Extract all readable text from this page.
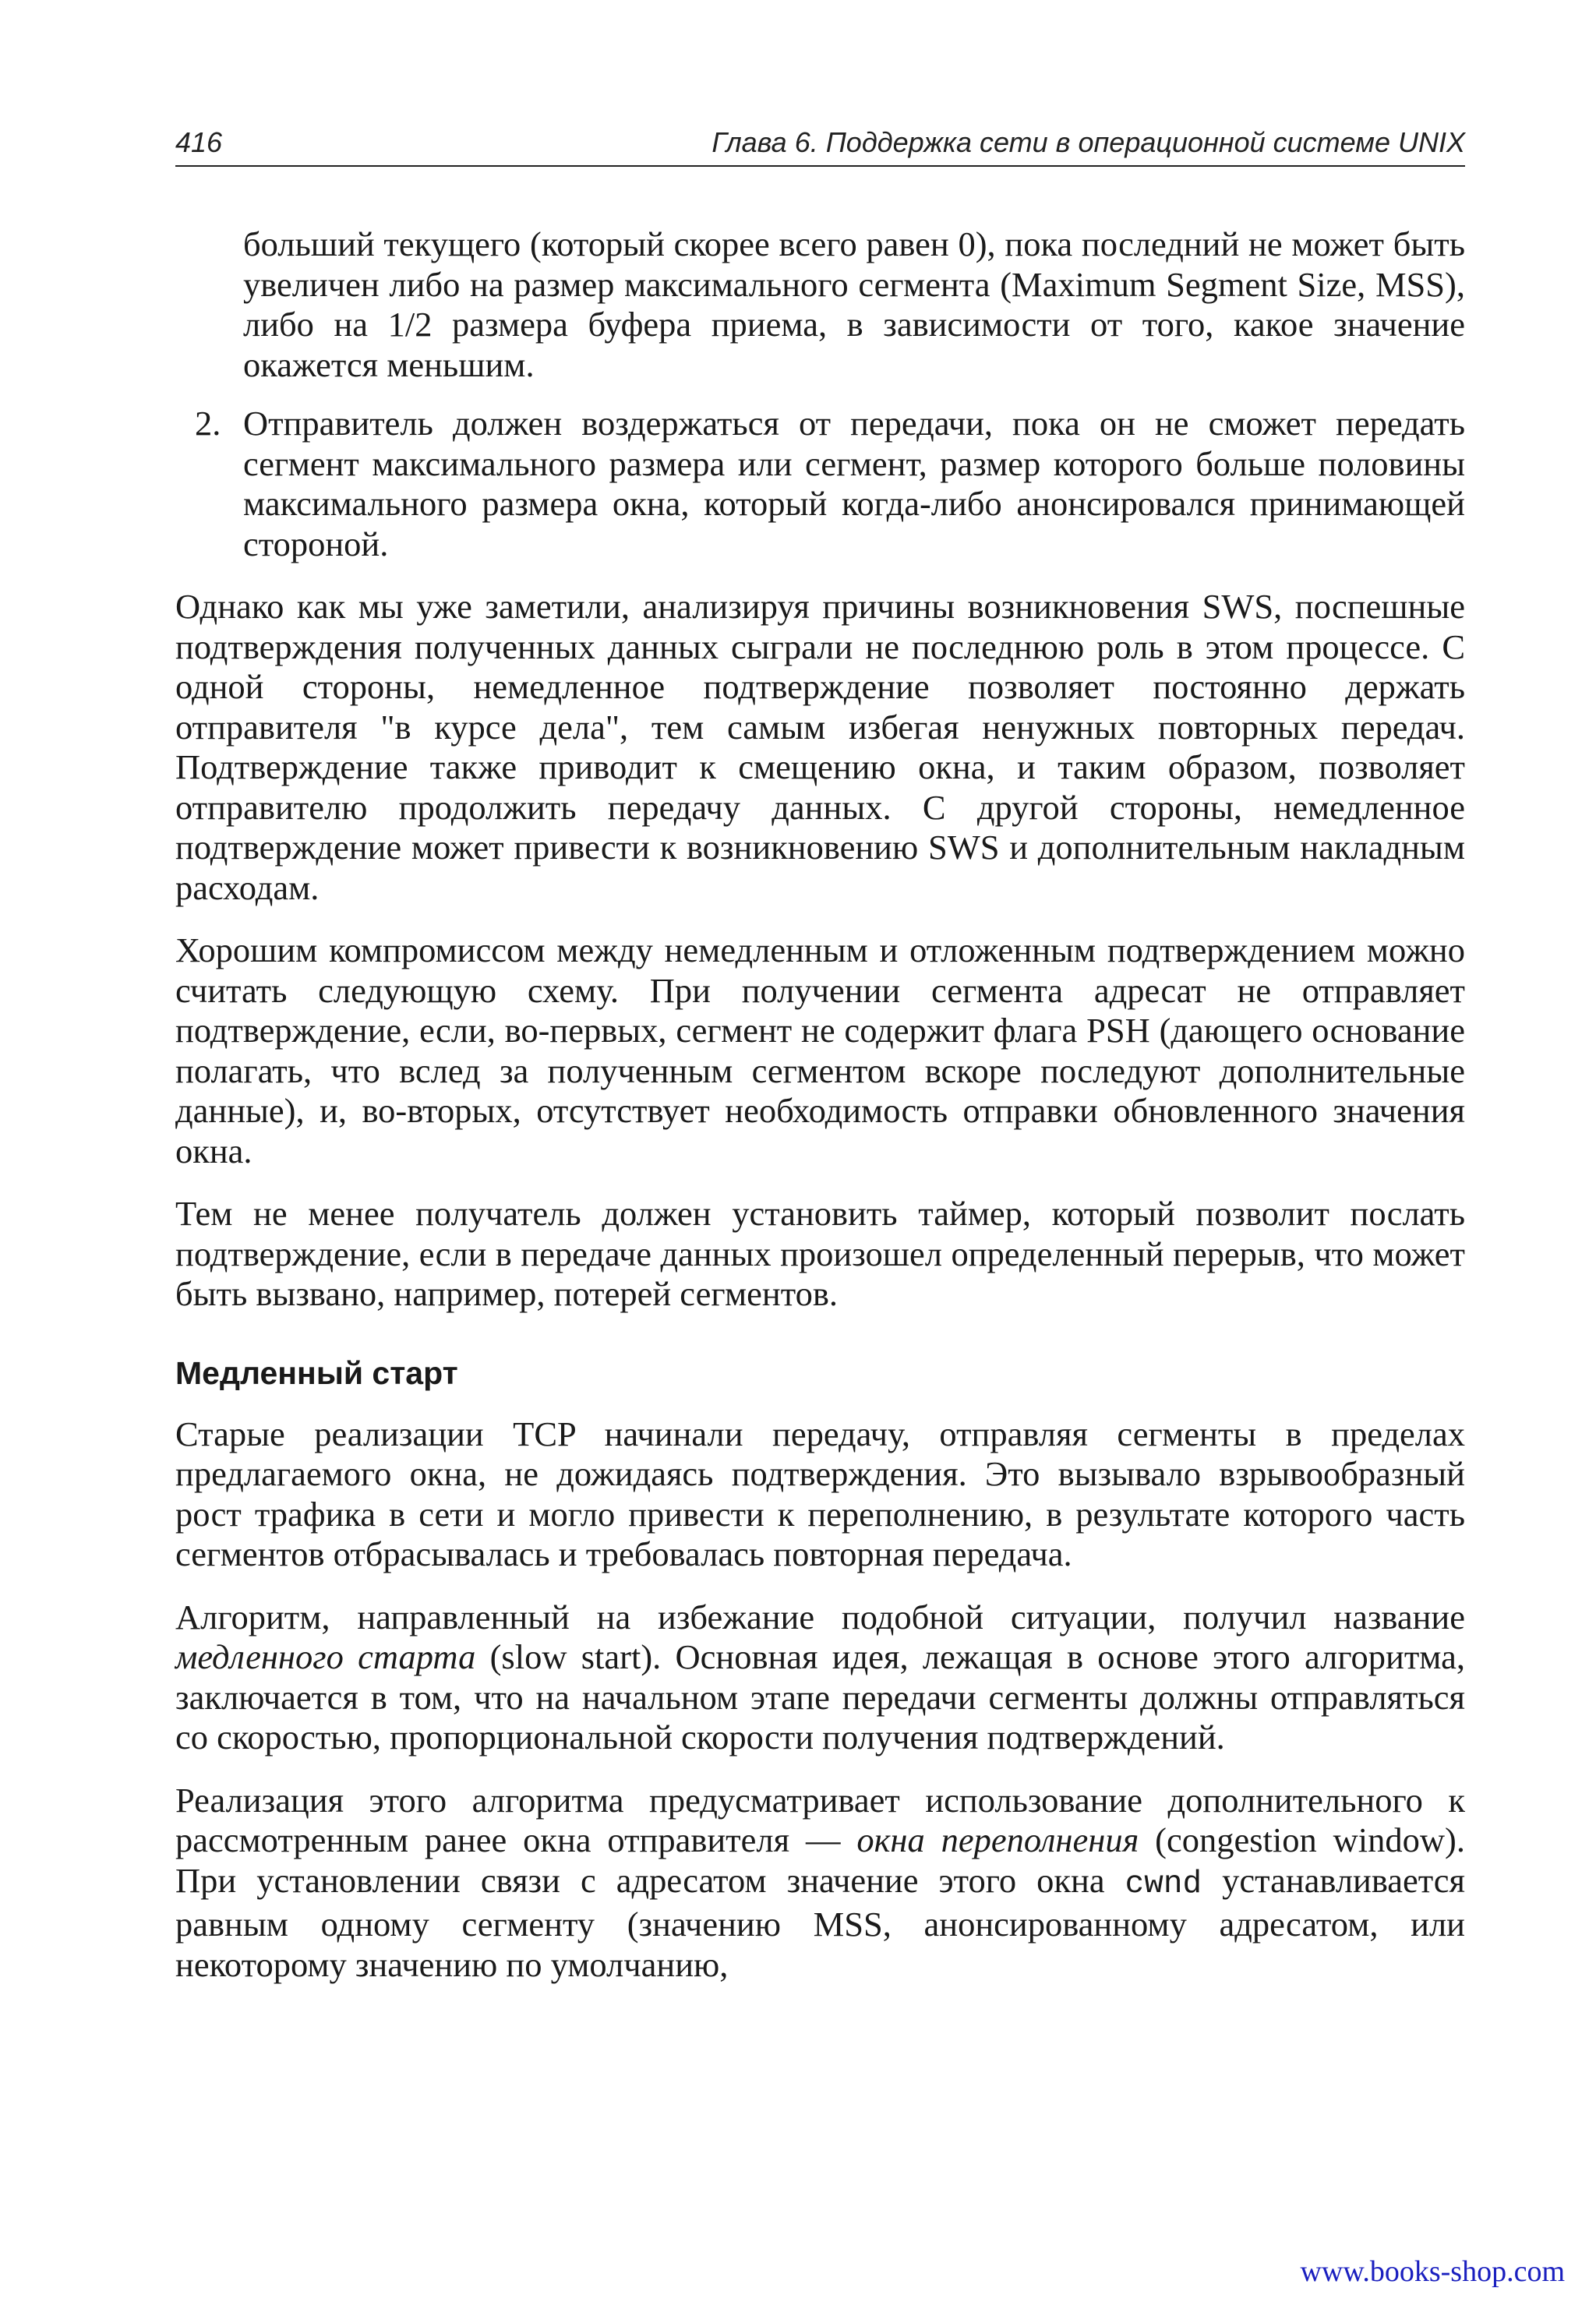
416	Глава 6. Поддержка сети в операционной системе UNIX

больший текущего (который скорее всего равен 0), пока последний не может быть увеличен либо на размер максимального сегмента (Maximum Segment Size, MSS), либо на 1/2 размера буфера приема, в зависимости от того, какое значение окажется меньшим.

2. Отправитель должен воздержаться от передачи, пока он не сможет передать сегмент максимального размера или сегмент, размер которого больше половины максимального размера окна, который когда-либо анонсировался принимающей стороной.

Однако как мы уже заметили, анализируя причины возникновения SWS, поспешные подтверждения полученных данных сыграли не последнюю роль в этом процессе. С одной стороны, немедленное подтверждение позволяет постоянно держать отправителя "в курсе дела", тем самым избегая ненужных повторных передач. Подтверждение также приводит к смещению окна, и таким образом, позволяет отправителю продолжить передачу данных. С другой стороны, немедленное подтверждение может привести к возникновению SWS и дополнительным накладным расходам.

Хорошим компромиссом между немедленным и отложенным подтверждением можно считать следующую схему. При получении сегмента адресат не отправляет подтверждение, если, во-первых, сегмент не содержит флага PSH (дающего основание полагать, что вслед за полученным сегментом вскоре последуют дополнительные данные), и, во-вторых, отсутствует необходимость отправки обновленного значения окна.

Тем не менее получатель должен установить таймер, который позволит послать подтверждение, если в передаче данных произошел определенный перерыв, что может быть вызвано, например, потерей сегментов.

Медленный старт

Старые реализации TCP начинали передачу, отправляя сегменты в пределах предлагаемого окна, не дожидаясь подтверждения. Это вызывало взрывообразный рост трафика в сети и могло привести к переполнению, в результате которого часть сегментов отбрасывалась и требовалась повторная передача.

Алгоритм, направленный на избежание подобной ситуации, получил название медленного старта (slow start). Основная идея, лежащая в основе этого алгоритма, заключается в том, что на начальном этапе передачи сегменты должны отправляться со скоростью, пропорциональной скорости получения подтверждений.

Реализация этого алгоритма предусматривает использование дополнительного к рассмотренным ранее окна отправителя — окна переполнения (congestion window). При установлении связи с адресатом значение этого окна cwnd устанавливается равным одному сегменту (значению MSS, анонсированному адресатом, или некоторому значению по умолчанию,

www.books-shop.com
